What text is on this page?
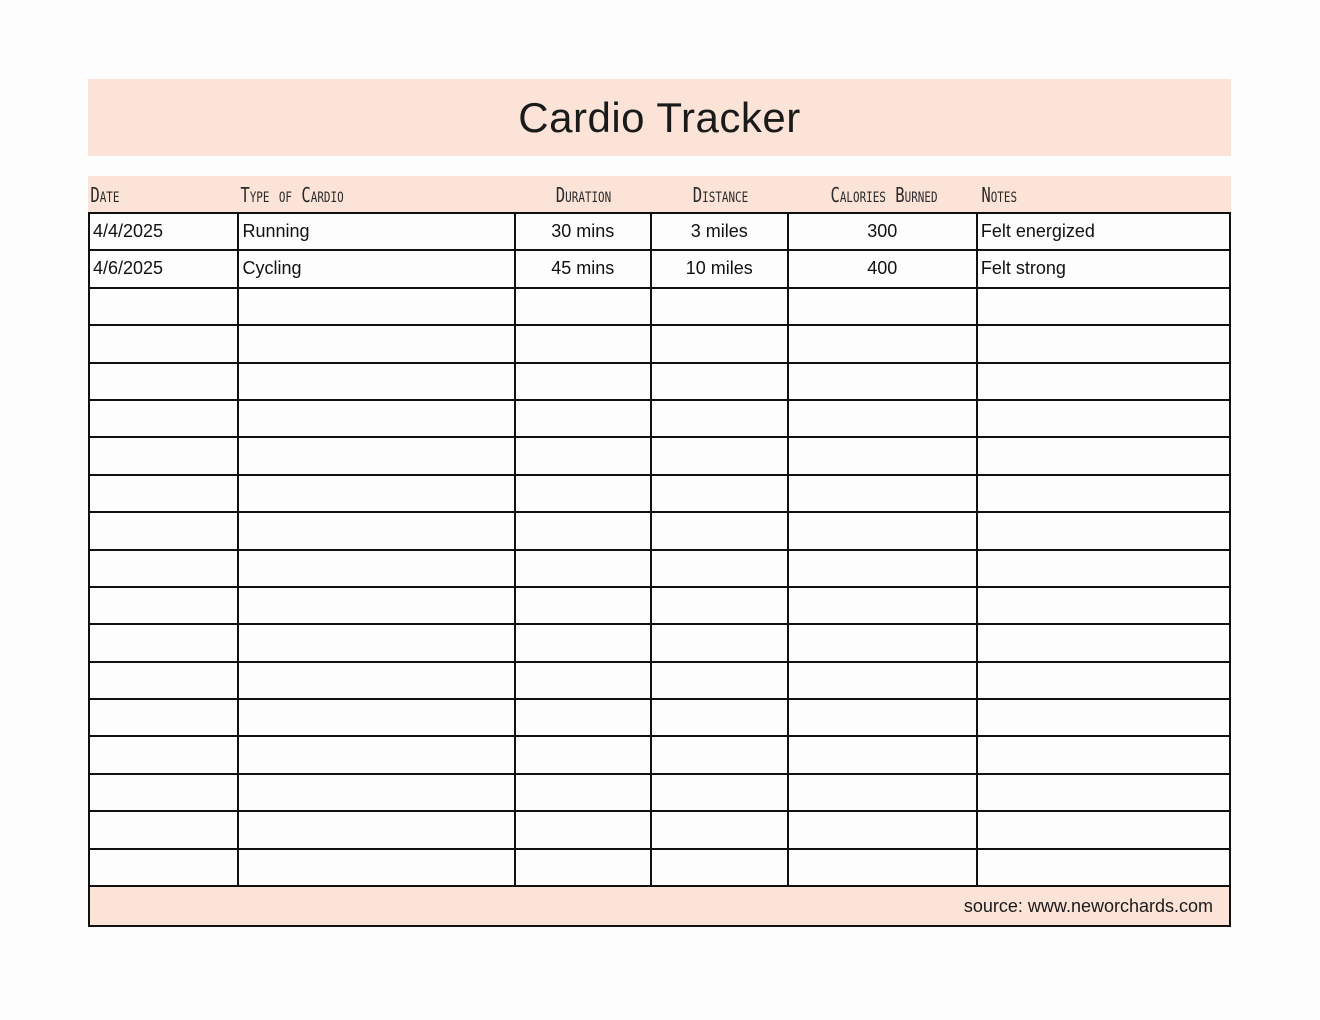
Cardio Tracker
Date	Type of Cardio	Duration	Distance	Calories Burned	Notes
4/4/2025	Running	30 mins	3 miles	300	Felt energized
4/6/2025	Cycling	45 mins	10 miles	400	Felt strong
source: www.neworchards.com
